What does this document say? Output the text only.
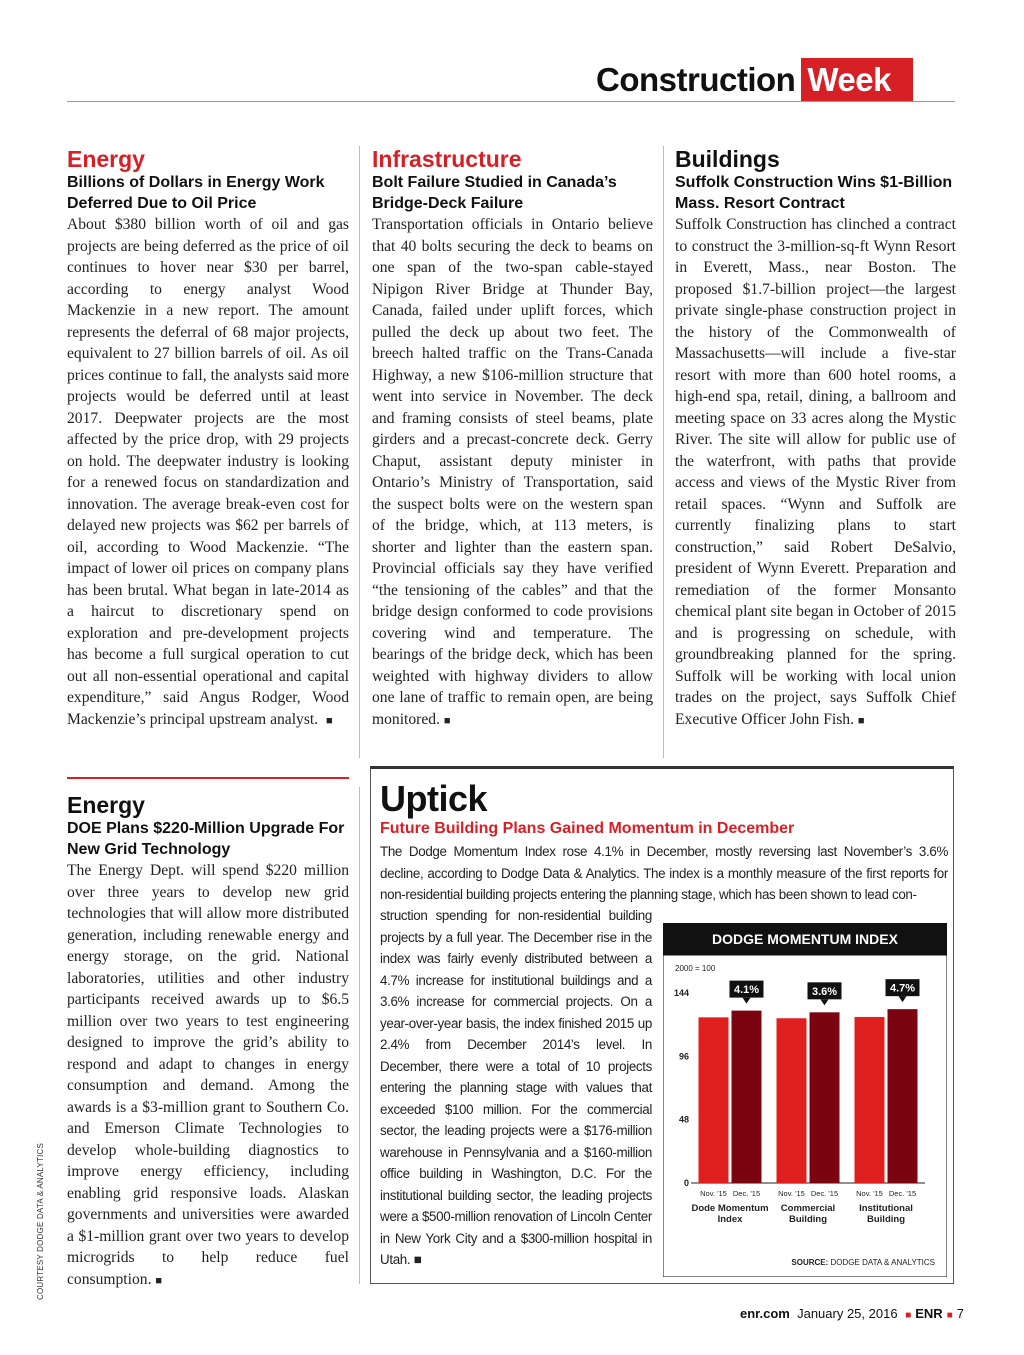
Construction Week

Energy

Billions of Dollars in Energy Work Deferred Due to Oil Price

About $380 billion worth of oil and gas projects are being deferred as the price of oil continues to hover near $30 per barrel, according to energy analyst Wood Mackenzie in a new report. The amount represents the deferral of 68 major projects, equivalent to 27 billion barrels of oil. As oil prices continue to fall, the analysts said more projects would be deferred until at least 2017. Deepwater projects are the most affected by the price drop, with 29 projects on hold. The deepwater industry is looking for a renewed focus on standardization and innovation. The average break-even cost for delayed new projects was $62 per barrels of oil, according to Wood Mackenzie. “The impact of lower oil prices on company plans has been brutal. What began in late-2014 as a haircut to discretionary spend on exploration and pre-development projects has become a full surgical operation to cut out all non-essential operational and capital expenditure,” said Angus Rodger, Wood Mackenzie’s principal upstream analyst. ■

Infrastructure

Bolt Failure Studied in Canada’s Bridge-Deck Failure

Transportation officials in Ontario believe that 40 bolts securing the deck to beams on one span of the two-span cable-stayed Nipigon River Bridge at Thunder Bay, Canada, failed under uplift forces, which pulled the deck up about two feet. The breech halted traffic on the Trans-Canada Highway, a new $106-million structure that went into service in November. The deck and framing consists of steel beams, plate girders and a precast-concrete deck. Gerry Chaput, assistant deputy minister in Ontario’s Ministry of Transportation, said the suspect bolts were on the western span of the bridge, which, at 113 meters, is shorter and lighter than the eastern span. Provincial officials say they have verified “the tensioning of the cables” and that the bridge design conformed to code provisions covering wind and temperature. The bearings of the bridge deck, which has been weighted with highway dividers to allow one lane of traffic to remain open, are being monitored. ■

Buildings

Suffolk Construction Wins $1-Billion Mass. Resort Contract

Suffolk Construction has clinched a contract to construct the 3-million-sq-ft Wynn Resort in Everett, Mass., near Boston. The proposed $1.7-billion project—the largest private single-phase construction project in the history of the Commonwealth of Massachusetts—will include a five-star resort with more than 600 hotel rooms, a high-end spa, retail, dining, a ballroom and meeting space on 33 acres along the Mystic River. The site will allow for public use of the waterfront, with paths that provide access and views of the Mystic River from retail spaces. “Wynn and Suffolk are currently finalizing plans to start construction,” said Robert DeSalvio, president of Wynn Everett. Preparation and remediation of the former Monsanto chemical plant site began in October of 2015 and is progressing on schedule, with groundbreaking planned for the spring. Suffolk will be working with local union trades on the project, says Suffolk Chief Executive Officer John Fish. ■

Energy

DOE Plans $220-Million Upgrade For New Grid Technology

The Energy Dept. will spend $220 million over three years to develop new grid technologies that will allow more distributed generation, including renewable energy and energy storage, on the grid. National laboratories, utilities and other industry participants received awards up to $6.5 million over two years to test engineering designed to improve the grid’s ability to respond and adapt to changes in energy consumption and demand. Among the awards is a $3-million grant to Southern Co. and Emerson Climate Technologies to develop whole-building diagnostics to improve energy efficiency, including enabling grid responsive loads. Alaskan governments and universities were awarded a $1-million grant over two years to develop microgrids to help reduce fuel consumption. ■

Uptick
Future Building Plans Gained Momentum in December

The Dodge Momentum Index rose 4.1% in December, mostly reversing last November’s 3.6% decline, according to Dodge Data & Analytics. The index is a monthly measure of the first reports for non-residential building projects entering the planning stage, which has been shown to lead con-

struction spending for non-residential building projects by a full year. The December rise in the index was fairly evenly distributed between a 4.7% increase for institutional buildings and a 3.6% increase for commercial projects. On a year-over-year basis, the index finished 2015 up 2.4% from December 2014’s level. In December, there were a total of 10 projects entering the planning stage with values that exceeded $100 million. For the commercial sector, the leading projects were a $176-million warehouse in Pennsylvania and a $160-million office building in Washington, D.C. For the institutional building sector, the leading projects were a $500-million renovation of Lincoln Center in New York City and a $300-million hospital in Utah. ■

DODGE MOMENTUM INDEX
2000 = 100
0
48
96
144	4.1%
Nov. '15 Dec. '15
Dode Momentum
Index
3.6%
Nov. '15 Dec. '15
Commercial
Building
4.7%
Nov. '15 Dec. '15
Institutional
Building
SOURCE: DODGE DATA & ANALYTICS
enr.com January 25, 2016 ■ ENR ■ 7
COURTESY DODGE DATA & ANALYTICS
